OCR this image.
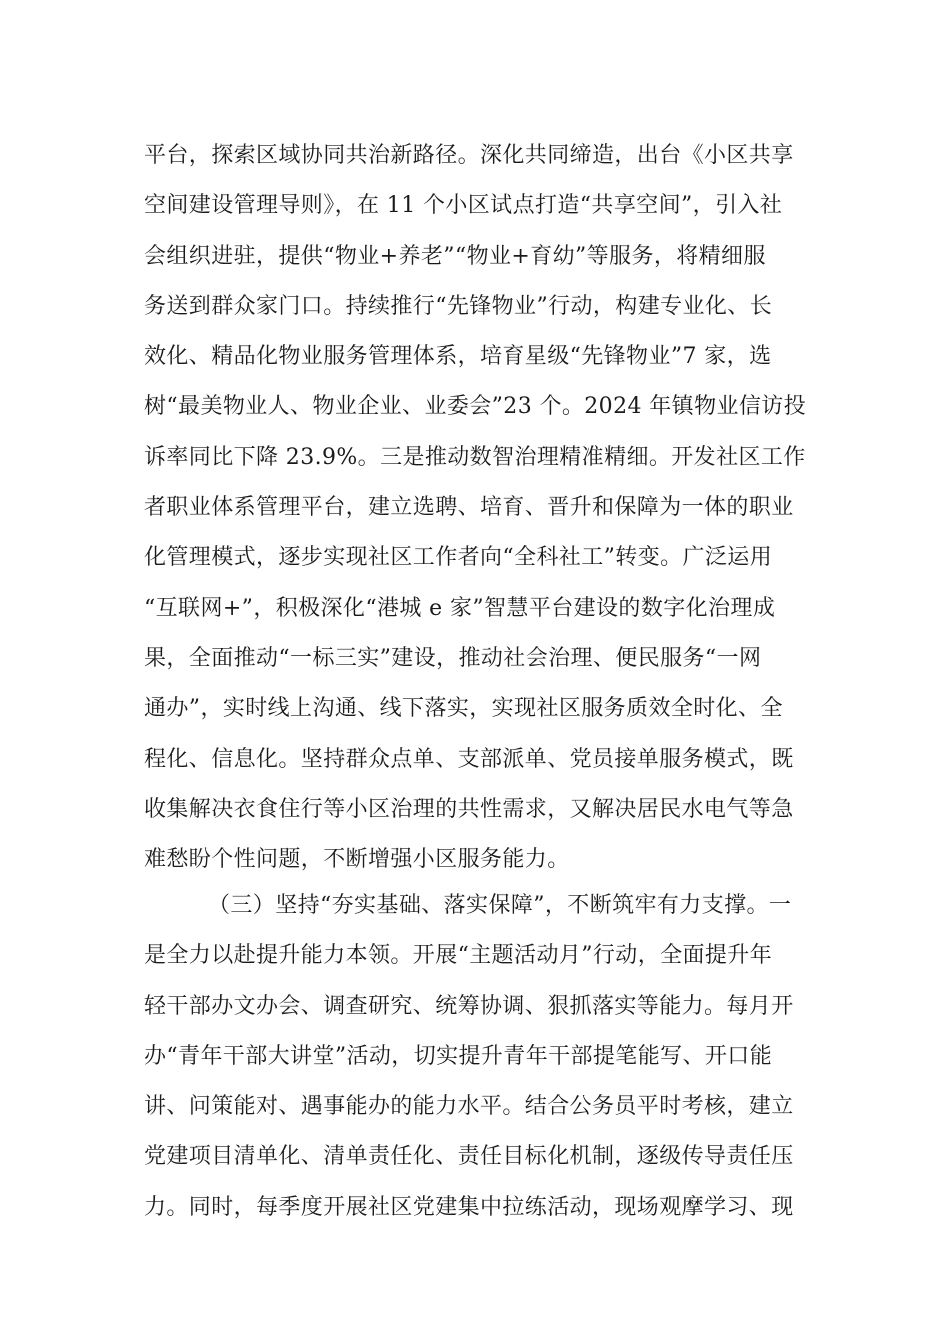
平台，探索区域协同共治新路径。深化共同缔造，出台《小区共享
空间建设管理导则》，在 11 个小区试点打造“共享空间”，引入社
会组织进驻，提供“物业+养老”“物业+育幼”等服务，将精细服
务送到群众家门口。持续推行“先锋物业”行动，构建专业化、长
效化、精品化物业服务管理体系，培育星级“先锋物业”7 家，选
树“最美物业人、物业企业、业委会”23 个。2024 年镇物业信访投
诉率同比下降 23.9%。三是推动数智治理精准精细。开发社区工作
者职业体系管理平台，建立选聘、培育、晋升和保障为一体的职业
化管理模式，逐步实现社区工作者向“全科社工”转变。广泛运用
“互联网+”，积极深化“港城 e 家”智慧平台建设的数字化治理成
果，全面推动“一标三实”建设，推动社会治理、便民服务“一网
通办”，实时线上沟通、线下落实，实现社区服务质效全时化、全
程化、信息化。坚持群众点单、支部派单、党员接单服务模式，既
收集解决衣食住行等小区治理的共性需求，又解决居民水电气等急
难愁盼个性问题，不断增强小区服务能力。
（三）坚持“夯实基础、落实保障”，不断筑牢有力支撑。一
是全力以赴提升能力本领。开展“主题活动月”行动，全面提升年
轻干部办文办会、调查研究、统筹协调、狠抓落实等能力。每月开
办“青年干部大讲堂”活动，切实提升青年干部提笔能写、开口能
讲、问策能对、遇事能办的能力水平。结合公务员平时考核，建立
党建项目清单化、清单责任化、责任目标化机制，逐级传导责任压
力。同时，每季度开展社区党建集中拉练活动，现场观摩学习、现
